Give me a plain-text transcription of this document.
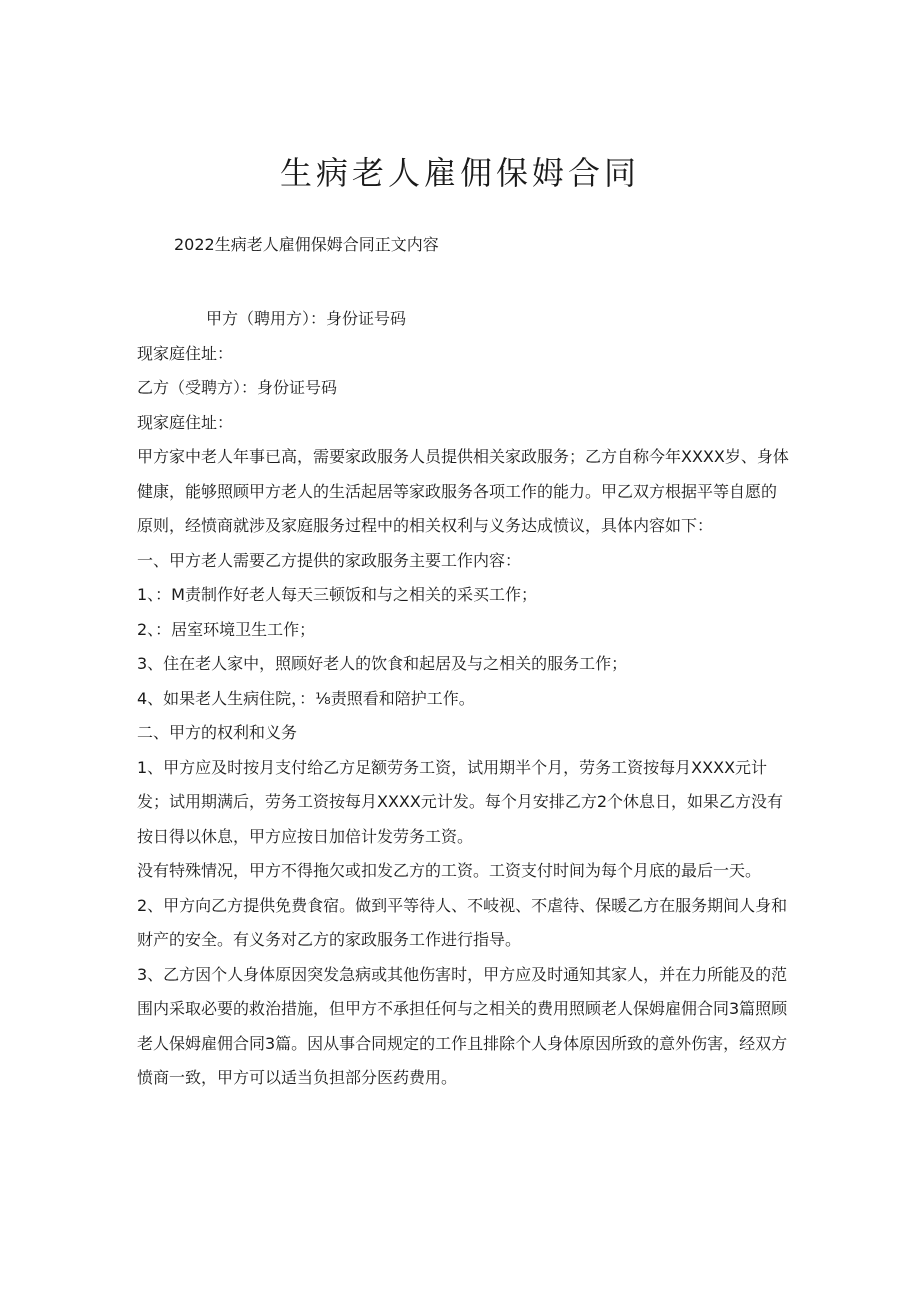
生病老人雇佣保姆合同

2022生病老人雇佣保姆合同正文内容

甲方（聘用方）：身份证号码

现家庭住址：

乙方（受聘方）：身份证号码

现家庭住址：

甲方家中老人年事已高，需要家政服务人员提供相关家政服务；乙方自称今年XXXX岁、身体健康，能够照顾甲方老人的生活起居等家政服务各项工作的能力。甲乙双方根据平等自愿的原则，经愤商就涉及家庭服务过程中的相关权利与义务达成愤议，具体内容如下：

一、甲方老人需要乙方提供的家政服务主要工作内容：

1、：M责制作好老人每天三顿饭和与之相关的采买工作；

2、：居室环境卫生工作；

3、住在老人家中，照顾好老人的饮食和起居及与之相关的服务工作；

4、如果老人生病住院，：⅛责照看和陪护工作。

二、甲方的权利和义务

1、甲方应及时按月支付给乙方足额劳务工资，试用期半个月，劳务工资按每月XXXX元计发；试用期满后，劳务工资按每月XXXX元计发。每个月安排乙方2个休息日，如果乙方没有按日得以休息，甲方应按日加倍计发劳务工资。

没有特殊情况，甲方不得拖欠或扣发乙方的工资。工资支付时间为每个月底的最后一天。

2、甲方向乙方提供免费食宿。做到平等待人、不岐视、不虐待、保暖乙方在服务期间人身和财产的安全。有义务对乙方的家政服务工作进行指导。

3、乙方因个人身体原因突发急病或其他伤害时，甲方应及时通知其家人，并在力所能及的范围内采取必要的救治措施，但甲方不承担任何与之相关的费用照顾老人保姆雇佣合同3篇照顾老人保姆雇佣合同3篇。因从事合同规定的工作且排除个人身体原因所致的意外伤害，经双方愤商一致，甲方可以适当负担部分医药费用。
